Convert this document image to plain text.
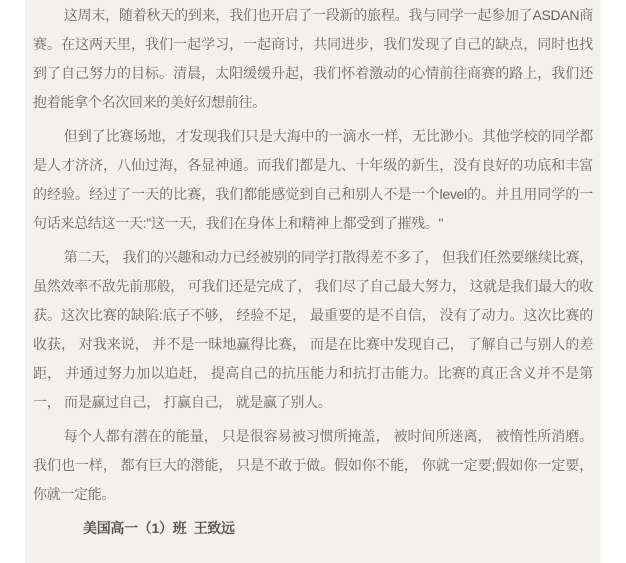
这周末，随着秋天的到来，我们也开启了一段新的旅程。我与同学一起参加了ASDAN商赛。在这两天里，我们一起学习，一起商讨，共同进步，我们发现了自己的缺点，同时也找到了自己努力的目标。清晨，太阳缓缓升起，我们怀着激动的心情前往商赛的路上，我们还抱着能拿个名次回来的美好幻想前往。

但到了比赛场地，才发现我们只是大海中的一滴水一样，无比渺小。其他学校的同学都是人才济济，八仙过海，各显神通。而我们都是九、十年级的新生，没有良好的功底和丰富的经验。经过了一天的比赛，我们都能感觉到自己和别人不是一个level的。并且用同学的一句话来总结这一天:"这一天，我们在身体上和精神上都受到了摧残。"

第二天， 我们的兴趣和动力已经被别的同学打散得差不多了， 但我们任然要继续比赛，虽然效率不敌先前那般， 可我们还是完成了， 我们尽了自己最大努力， 这就是我们最大的收获。这次比赛的缺陷:底子不够， 经验不足， 最重要的是不自信， 没有了动力。这次比赛的收获， 对我来说， 并不是一昧地赢得比赛， 而是在比赛中发现自己， 了解自己与别人的差距， 并通过努力加以追赶， 提高自己的抗压能力和抗打击能力。比赛的真正含义并不是第一， 而是赢过自己， 打赢自己， 就是赢了别人。

每个人都有潜在的能量， 只是很容易被习惯所掩盖， 被时间所迷离， 被惰性所消磨。我们也一样， 都有巨大的潜能， 只是不敢于做。假如你不能， 你就一定要;假如你一定要， 你就一定能。

美国高一（1）班  王致远
